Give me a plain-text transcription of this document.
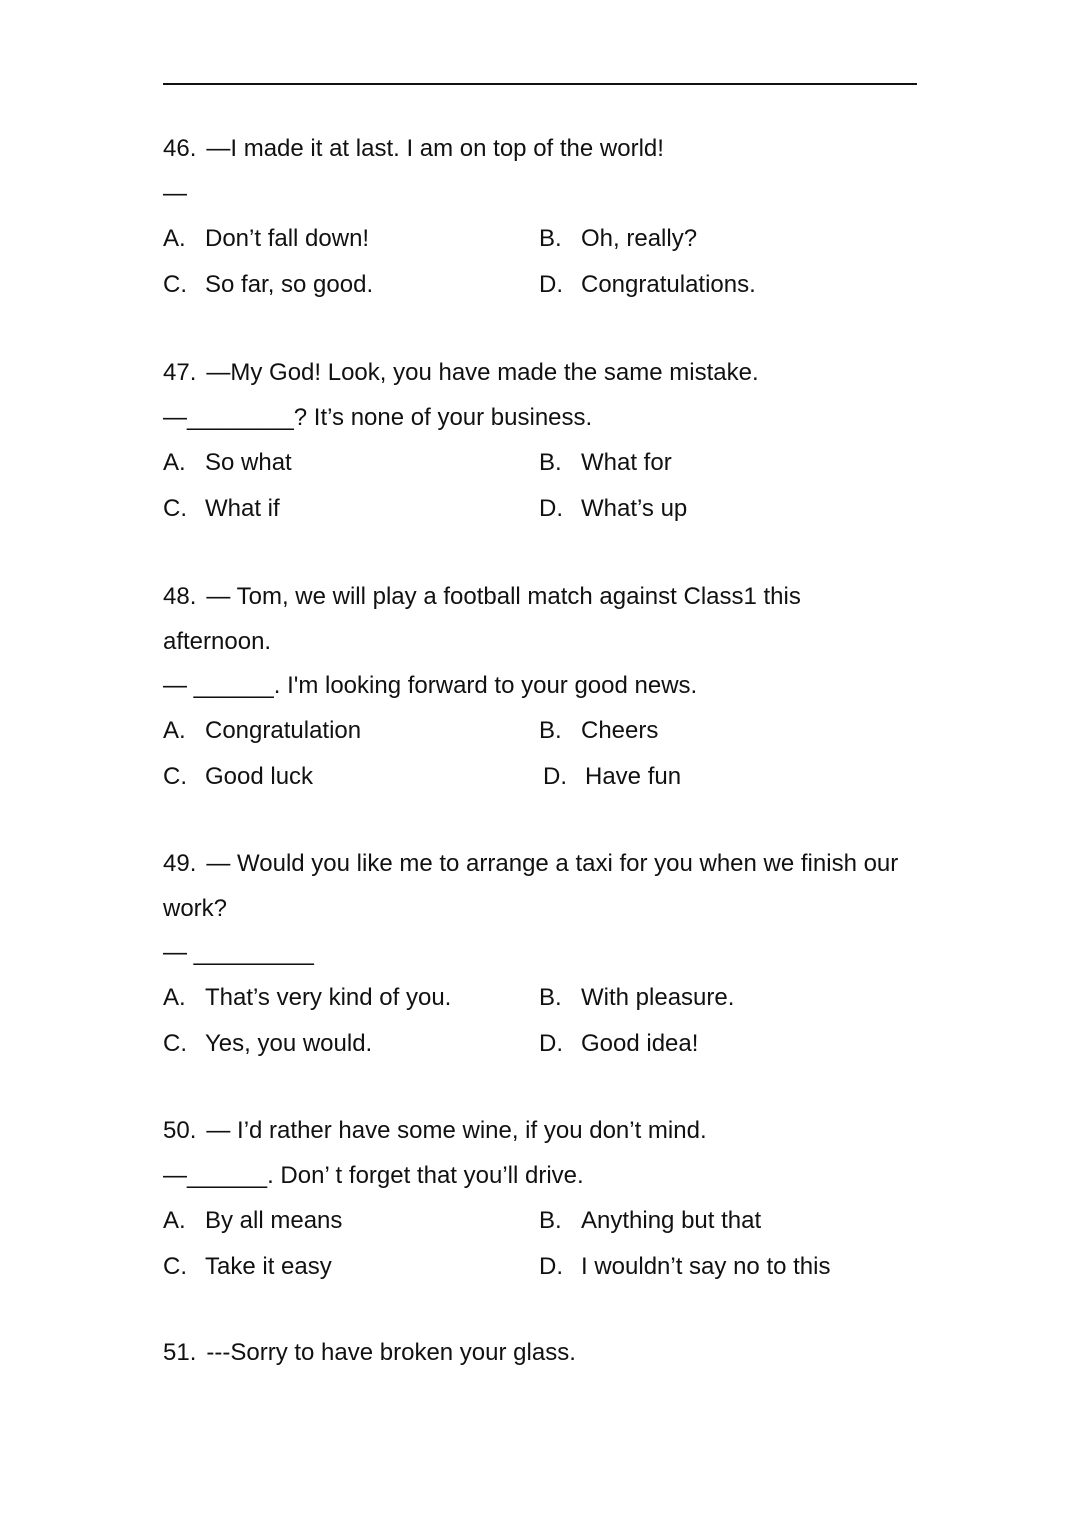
46. —I made it at last. I am on top of the world!
—
A. Don’t fall down!	B. Oh, really?
C. So far, so good.	D. Congratulations.
47. —My God! Look, you have made the same mistake.
—________? It’s none of your business.
A. So what	B. What for
C. What if	D. What’s up
48. — Tom, we will play a football match against Class1 this afternoon.
— ______. I'm looking forward to your good news.
A. Congratulation	B. Cheers
C. Good luck	D. Have fun
49. — Would you like me to arrange a taxi for you when we finish our work?
— _________
A. That’s very kind of you.	B. With pleasure.
C. Yes, you would.	D. Good idea!
50. — I’d rather have some wine, if you don’t mind.
—______. Don’ t forget that you’ll drive.
A. By all means	B. Anything but that
C. Take it easy	D. I wouldn’t say no to this
51. ---Sorry to have broken your glass.
